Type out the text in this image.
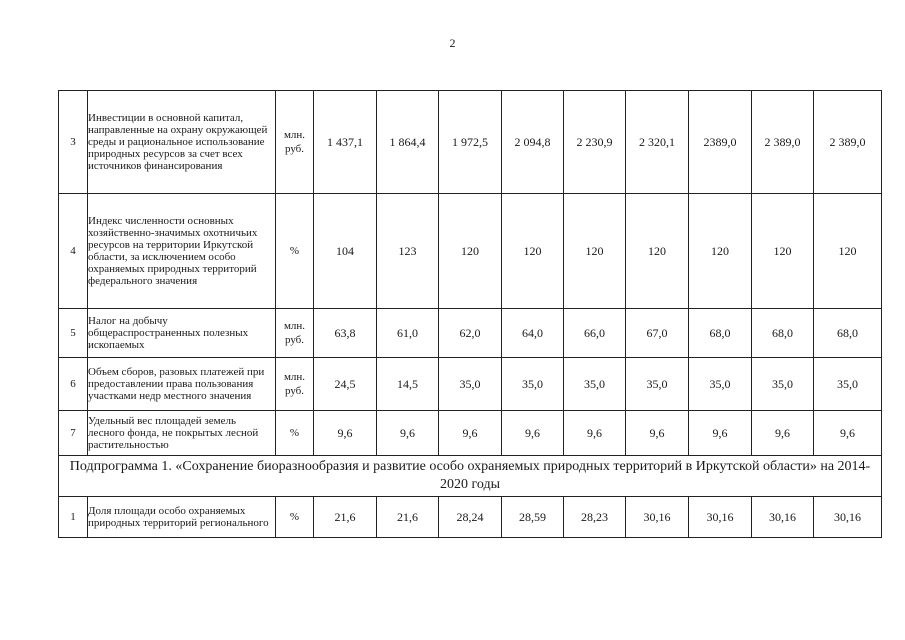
2
3	Инвестиции в основной капитал, направленные на охрану окружающей среды и рациональное использование природных ресурсов за счет всех источников финансирования	млн. руб.	1 437,1	1 864,4	1 972,5	2 094,8	2 230,9	2 320,1	2389,0	2 389,0	2 389,0
4	Индекс численности основных хозяйственно-значимых охотничьих ресурсов на территории Иркутской области, за исключением особо охраняемых природных территорий федерального значения	%	104	123	120	120	120	120	120	120	120
5	Налог на добычу общераспространенных полезных ископаемых	млн. руб.	63,8	61,0	62,0	64,0	66,0	67,0	68,0	68,0	68,0
6	Объем сборов, разовых платежей при предоставлении права пользования участками недр местного значения	млн. руб.	24,5	14,5	35,0	35,0	35,0	35,0	35,0	35,0	35,0
7	Удельный вес площадей земель лесного фонда, не покрытых лесной растительностью	%	9,6	9,6	9,6	9,6	9,6	9,6	9,6	9,6	9,6
Подпрограмма 1. «Сохранение биоразнообразия и развитие особо охраняемых природных территорий в Иркутской области» на 2014-2020 годы											
1	Доля площади особо охраняемых природных территорий регионального	%	21,6	21,6	28,24	28,59	28,23	30,16	30,16	30,16	30,16
